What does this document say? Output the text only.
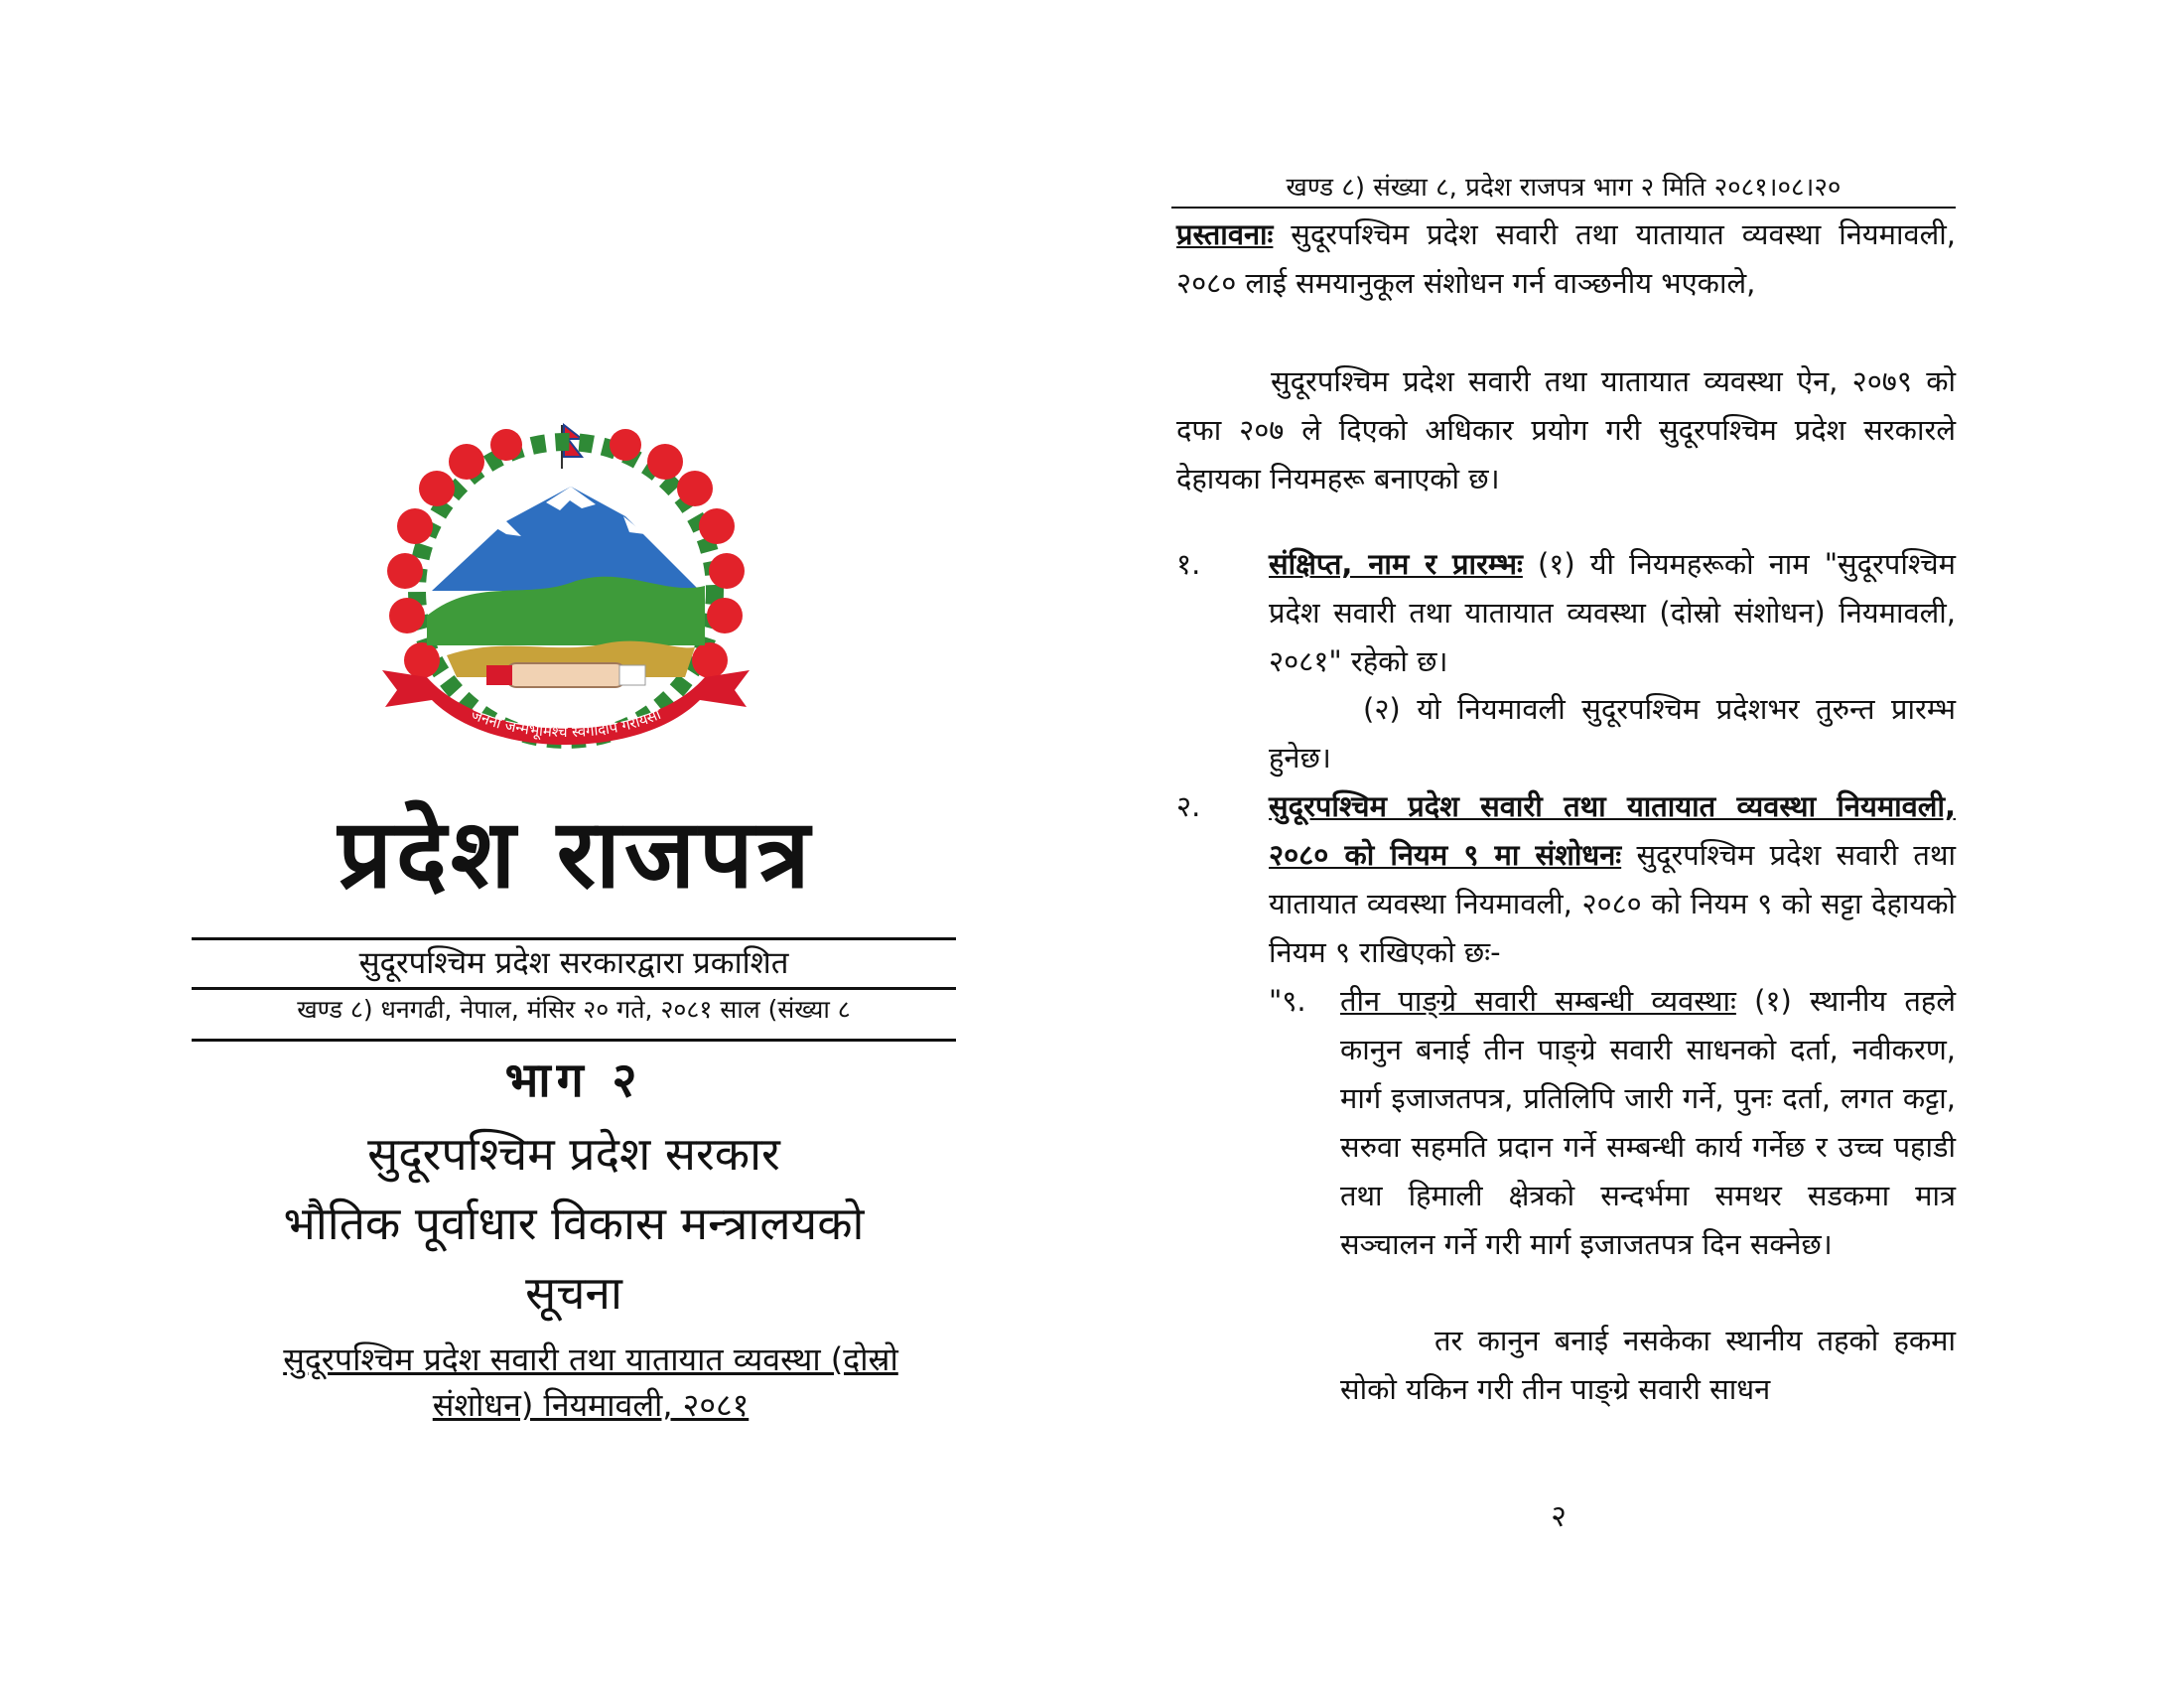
जननी जन्मभूमिश्च स्वर्गादपि गरीयसी
प्रदेश राजपत्र
सुदूरपश्चिम प्रदेश सरकारद्वारा प्रकाशित
खण्ड ८) धनगढी, नेपाल, मंसिर २० गते, २०८१ साल (संख्या ८
भाग २
सुदूरपश्चिम प्रदेश सरकार
भौतिक पूर्वाधार विकास मन्त्रालयको
सूचना
सुदूरपश्चिम प्रदेश सवारी तथा यातायात व्यवस्था (दोस्रो
संशोधन) नियमावली, २०८१
खण्ड ८) संख्या ८, प्रदेश राजपत्र भाग २ मिति २०८१।०८।२०
प्रस्तावनाः सुदूरपश्चिम प्रदेश सवारी तथा यातायात व्यवस्था नियमावली, २०८० लाई समयानुकूल संशोधन गर्न वाञ्छनीय भएकाले,
सुदूरपश्चिम प्रदेश सवारी तथा यातायात व्यवस्था ऐन, २०७९ को दफा २०७ ले दिएको अधिकार प्रयोग गरी सुदूरपश्चिम प्रदेश सरकारले देहायका नियमहरू बनाएको छ।
१. संक्षिप्त, नाम र प्रारम्भः (१) यी नियमहरूको नाम "सुदूरपश्चिम प्रदेश सवारी तथा यातायात व्यवस्था (दोस्रो संशोधन) नियमावली, २०८१" रहेको छ।
(२) यो नियमावली सुदूरपश्चिम प्रदेशभर तुरुन्त प्रारम्भ हुनेछ।
२. सुदूरपश्चिम प्रदेश सवारी तथा यातायात व्यवस्था नियमावली, २०८० को नियम ९ मा संशोधनः सुदूरपश्चिम प्रदेश सवारी तथा यातायात व्यवस्था नियमावली, २०८० को नियम ९ को सट्टा देहायको नियम ९ राखिएको छः-
"९. तीन पाङ्ग्रे सवारी सम्बन्धी व्यवस्थाः (१) स्थानीय तहले कानुन बनाई तीन पाङ्ग्रे सवारी साधनको दर्ता, नवीकरण, मार्ग इजाजतपत्र, प्रतिलिपि जारी गर्ने, पुनः दर्ता, लगत कट्टा, सरुवा सहमति प्रदान गर्ने सम्बन्धी कार्य गर्नेछ र उच्च पहाडी तथा हिमाली क्षेत्रको सन्दर्भमा समथर सडकमा मात्र सञ्चालन गर्ने गरी मार्ग इजाजतपत्र दिन सक्नेछ।
तर कानुन बनाई नसकेका स्थानीय तहको हकमा सोको यकिन गरी तीन पाङ्ग्रे सवारी साधन
२
